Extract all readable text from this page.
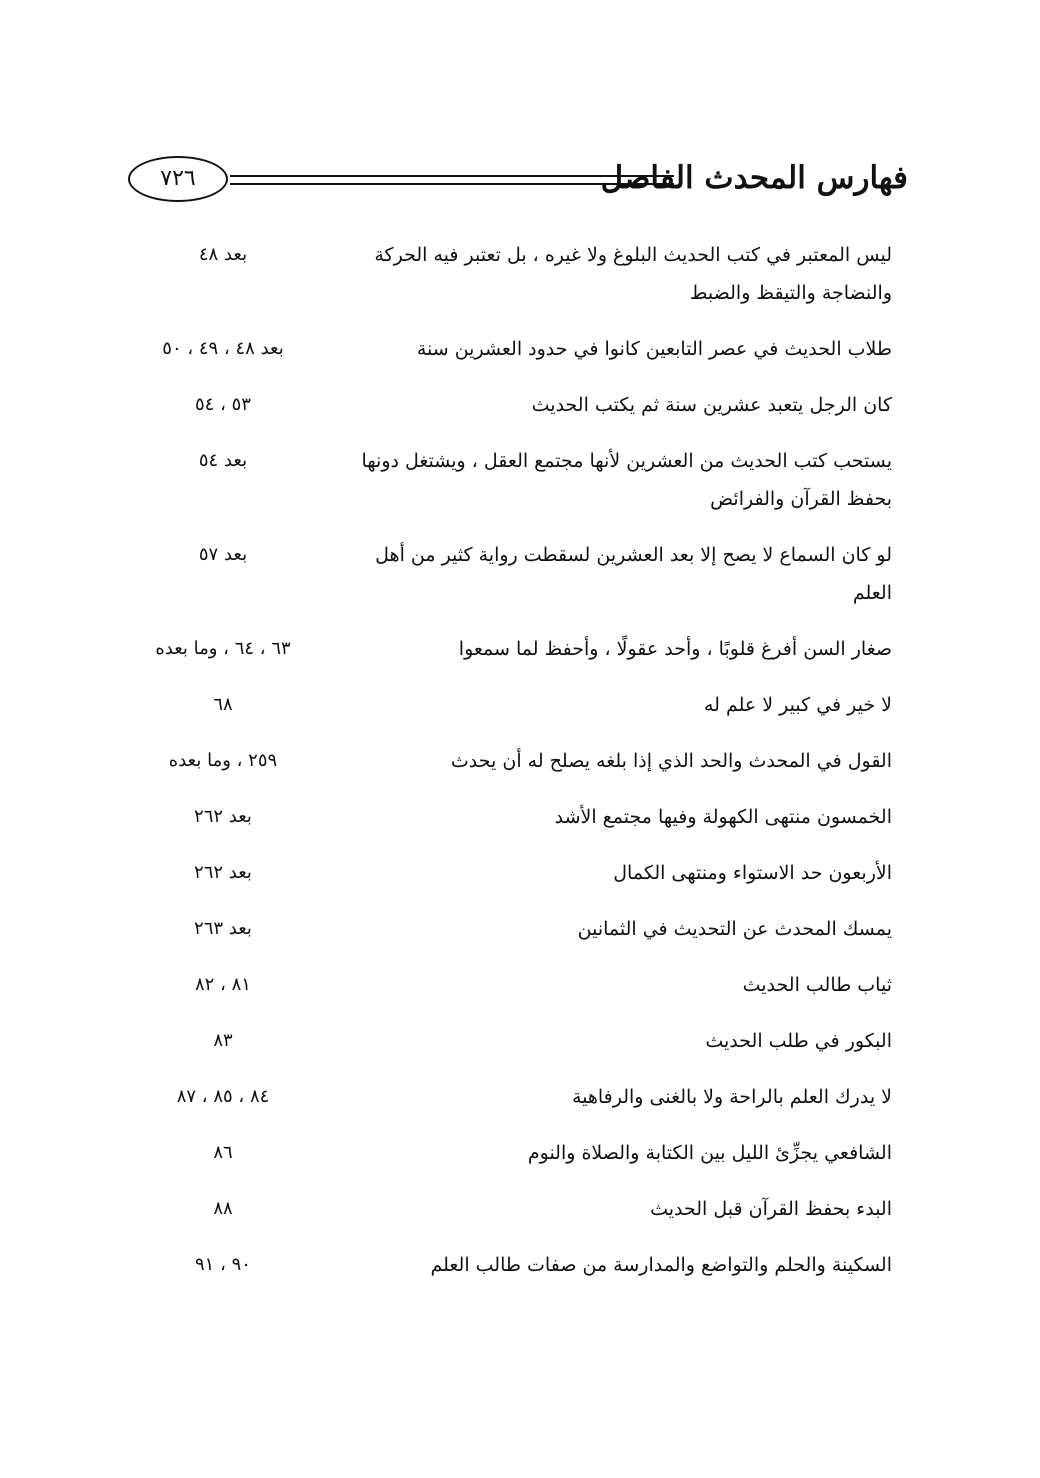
فهارس المحدث الفاصل
٧٢٦
ليس المعتبر في كتب الحديث البلوغ ولا غيره ، بل تعتبر فيه الحركة والنضاجة والتيقظ والضبط
بعد ٤٨
طلاب الحديث في عصر التابعين كانوا في حدود العشرين سنة
بعد ٤٨ ، ٤٩ ، ٥٠
كان الرجل يتعبد عشرين سنة ثم يكتب الحديث
٥٣ ، ٥٤
يستحب كتب الحديث من العشرين لأنها مجتمع العقل ، ويشتغل دونها بحفظ القرآن والفرائض
بعد ٥٤
لو كان السماع لا يصح إلا بعد العشرين لسقطت رواية كثير من أهل العلم
بعد ٥٧
صغار السن أفرغ قلوبًا ، وأحد عقولًا ، وأحفظ لما سمعوا
٦٣ ، ٦٤ ، وما بعده
لا خير في كبير لا علم له
٦٨
القول في المحدث والحد الذي إذا بلغه يصلح له أن يحدث
٢٥٩ ، وما بعده
الخمسون منتهى الكهولة وفيها مجتمع الأشد
بعد ٢٦٢
الأربعون حد الاستواء ومنتهى الكمال
بعد ٢٦٢
يمسك المحدث عن التحديث في الثمانين
بعد ٢٦٣
ثياب طالب الحديث
٨١ ، ٨٢
البكور في طلب الحديث
٨٣
لا يدرك العلم بالراحة ولا بالغنى والرفاهية
٨٤ ، ٨٥ ، ٨٧
الشافعي يجزِّئ الليل بين الكتابة والصلاة والنوم
٨٦
البدء بحفظ القرآن قبل الحديث
٨٨
السكينة والحلم والتواضع والمدارسة من صفات طالب العلم
٩٠ ، ٩١
